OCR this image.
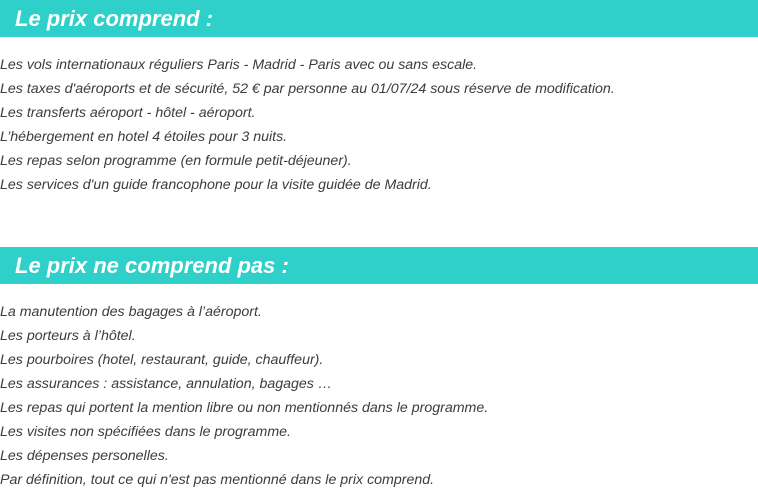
Le prix comprend :
Les vols internationaux réguliers Paris - Madrid - Paris avec ou sans escale.
Les taxes d'aéroports et de sécurité, 52 € par personne au 01/07/24 sous réserve de modification.
Les transferts aéroport - hôtel - aéroport.
L’hébergement en hotel 4 étoiles pour 3 nuits.
Les repas selon programme (en formule petit-déjeuner).
Les services d'un guide francophone pour la visite guidée de Madrid.
Le prix ne comprend pas :
La manutention des bagages à l’aéroport.
Les porteurs à l’hôtel.
Les pourboires (hotel, restaurant, guide, chauffeur).
Les assurances : assistance, annulation, bagages …
Les repas qui portent la mention libre ou non mentionnés dans le programme.
Les visites non spécifiées dans le programme.
Les dépenses personelles.
Par définition, tout ce qui n'est pas mentionné dans le prix comprend.
